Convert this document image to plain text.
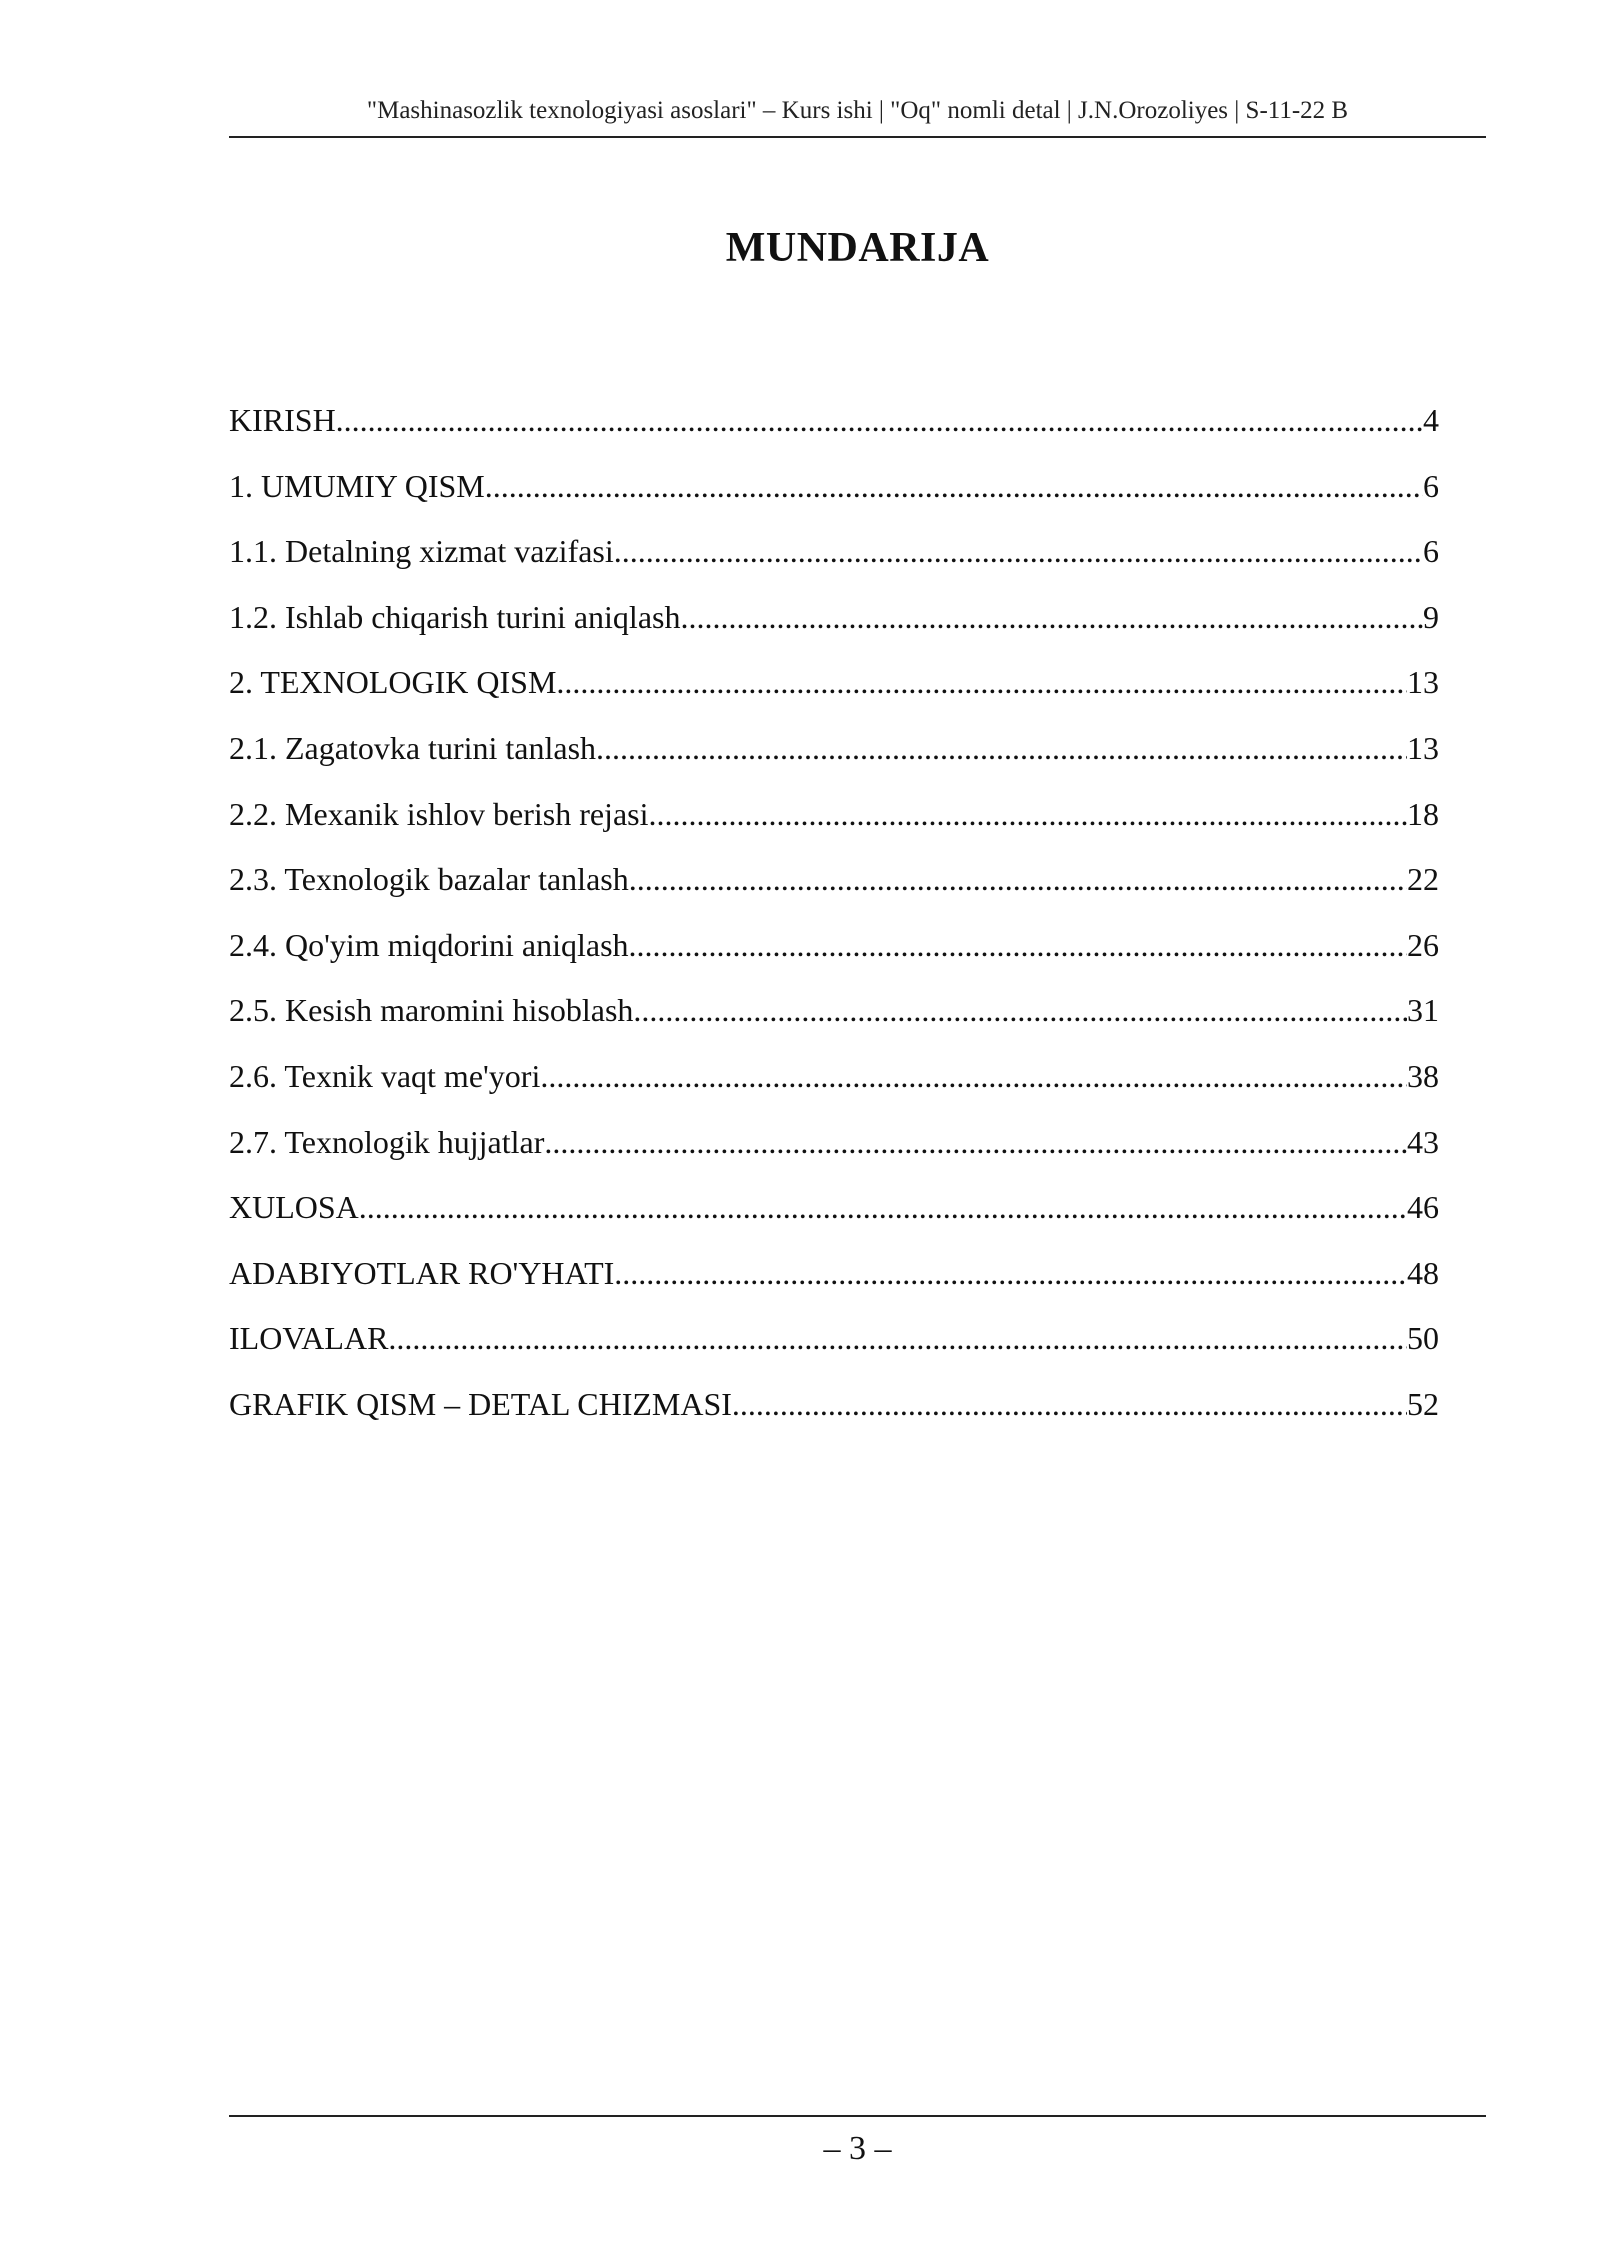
"Mashinasozlik texnologiyasi asoslari" – Kurs ishi | "Oq" nomli detal | J.N.Orozoliyes | S-11-22 B
MUNDARIJA
KIRISH .....	4
1. UMUMIY QISM .....	6
1.1. Detalning xizmat vazifasi .....	6
1.2. Ishlab chiqarish turini aniqlash .....	9
2. TEXNOLOGIK QISM .....	13
2.1. Zagatovka turini tanlash .....	13
2.2. Mexanik ishlov berish rejasi .....	18
2.3. Texnologik bazalar tanlash .....	22
2.4. Qo'yim miqdorini aniqlash .....	26
2.5. Kesish maromini hisoblash .....	31
2.6. Texnik vaqt me'yori .....	38
2.7. Texnologik hujjatlar .....	43
XULOSA .....	46
ADABIYOTLAR RO'YHATI .....	48
ILOVALAR .....	50
GRAFIK QISM – DETAL CHIZMASI .....	52
– 3 –
